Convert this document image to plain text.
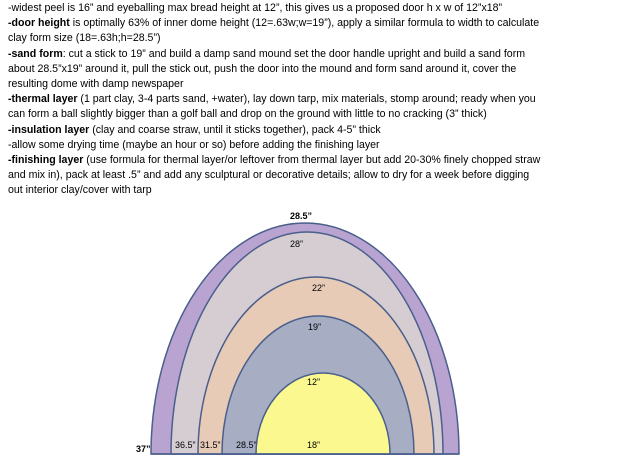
-widest peel is 16” and eyeballing max bread height at 12”, this gives us a proposed door h x w of 12”x18”
-door height is optimally 63% of inner dome height (12=.63w;w=19”), apply a similar formula to width to calculate
clay form size (18=.63h;h=28.5”)
-sand form: cut a stick to 19” and build a damp sand mound set the door handle upright and build a sand form
about 28.5”x19” around it, pull the stick out, push the door into the mound and form sand around it, cover the
resulting dome with damp newspaper
-thermal layer (1 part clay, 3-4 parts sand, +water), lay down tarp, mix materials, stomp around; ready when you
can form a ball slightly bigger than a golf ball and drop on the ground with little to no cracking (3” thick)
-insulation layer (clay and coarse straw, until it sticks together), pack 4-5” thick
-allow some drying time (maybe an hour or so) before adding the finishing layer
-finishing layer (use formula for thermal layer/or leftover from thermal layer but add 20-30% finely chopped straw
and mix in), pack at least .5” and add any sculptural or decorative details; allow to dry for a week before digging
out interior clay/cover with tarp
28.5”
28”
22”
19”
12”
37”	36.5” 31.5” 28.5”	18”
